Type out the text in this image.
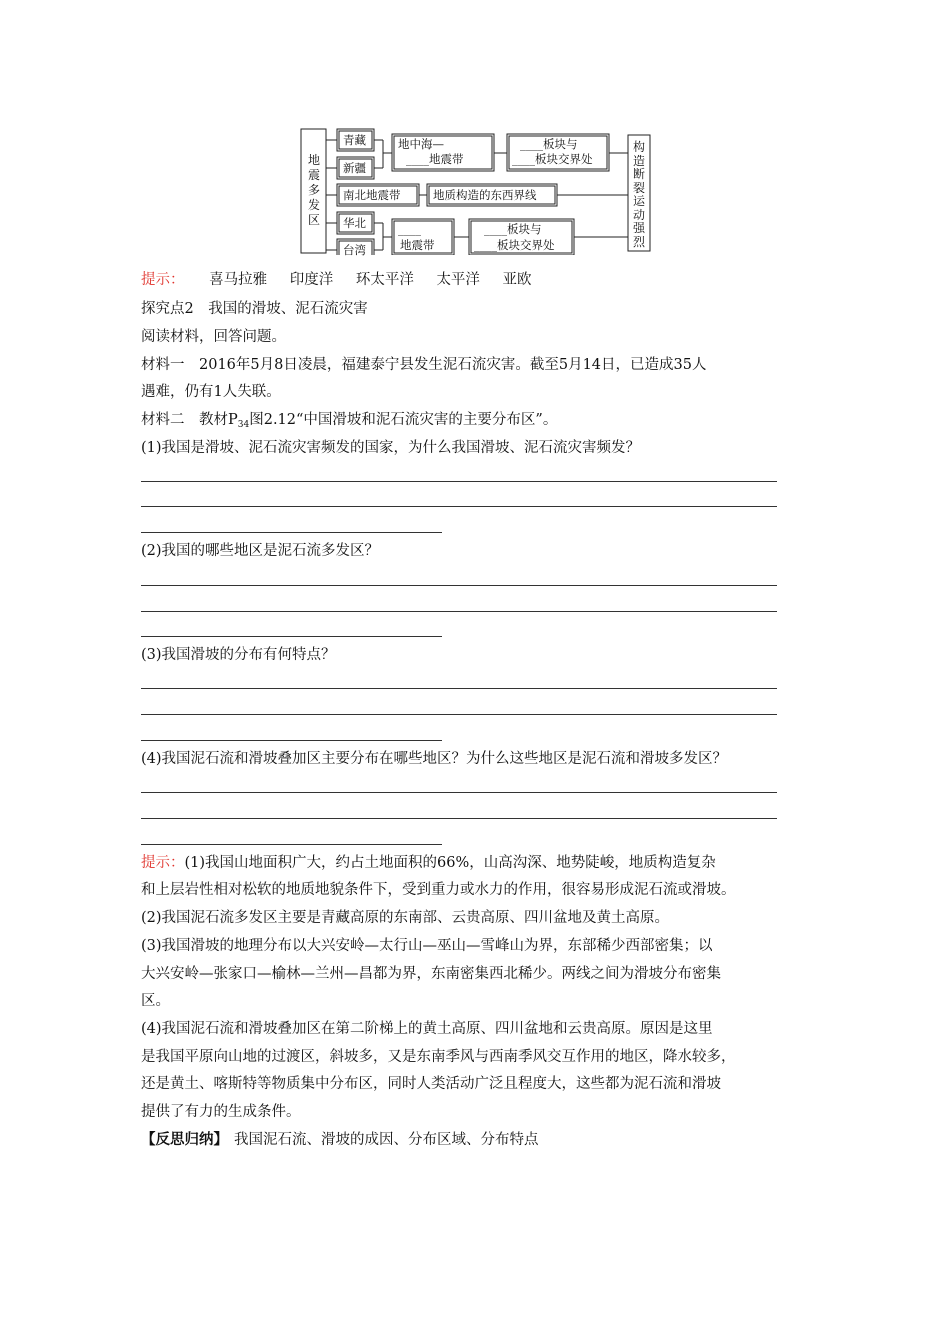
地震多发区
构造断裂运动强烈
青藏
新疆
南北地震带
华北
台湾
地中海—
____地震带
____板块与
____板块交界处
地质构造的东西界线
____
地震带
____板块与
____板块交界处
提示： 喜马拉雅 印度洋 环太平洋 太平洋 亚欧
探究点2　我国的滑坡、泥石流灾害
阅读材料，回答问题。
材料一　2016年5月8日凌晨，福建泰宁县发生泥石流灾害。截至5月14日，已造成35人
遇难，仍有1人失联。
材料二　教材$P_{34}$图2.12“中国滑坡和泥石流灾害的主要分布区”。
(1)我国是滑坡、泥石流灾害频发的国家，为什么我国滑坡、泥石流灾害频发？
(2)我国的哪些地区是泥石流多发区？
(3)我国滑坡的分布有何特点？
(4)我国泥石流和滑坡叠加区主要分布在哪些地区？为什么这些地区是泥石流和滑坡多发区？
提示：(1)我国山地面积广大，约占土地面积的66%，山高沟深、地势陡峻，地质构造复杂
和上层岩性相对松软的地质地貌条件下，受到重力或水力的作用，很容易形成泥石流或滑坡。
(2)我国泥石流多发区主要是青藏高原的东南部、云贵高原、四川盆地及黄土高原。
(3)我国滑坡的地理分布以大兴安岭—太行山—巫山—雪峰山为界，东部稀少西部密集；以
大兴安岭—张家口—榆林—兰州—昌都为界，东南密集西北稀少。两线之间为滑坡分布密集
区。
(4)我国泥石流和滑坡叠加区在第二阶梯上的黄土高原、四川盆地和云贵高原。原因是这里
是我国平原向山地的过渡区，斜坡多，又是东南季风与西南季风交互作用的地区，降水较多，
还是黄土、喀斯特等物质集中分布区，同时人类活动广泛且程度大，这些都为泥石流和滑坡
提供了有力的生成条件。
【反思归纳】 我国泥石流、滑坡的成因、分布区域、分布特点
